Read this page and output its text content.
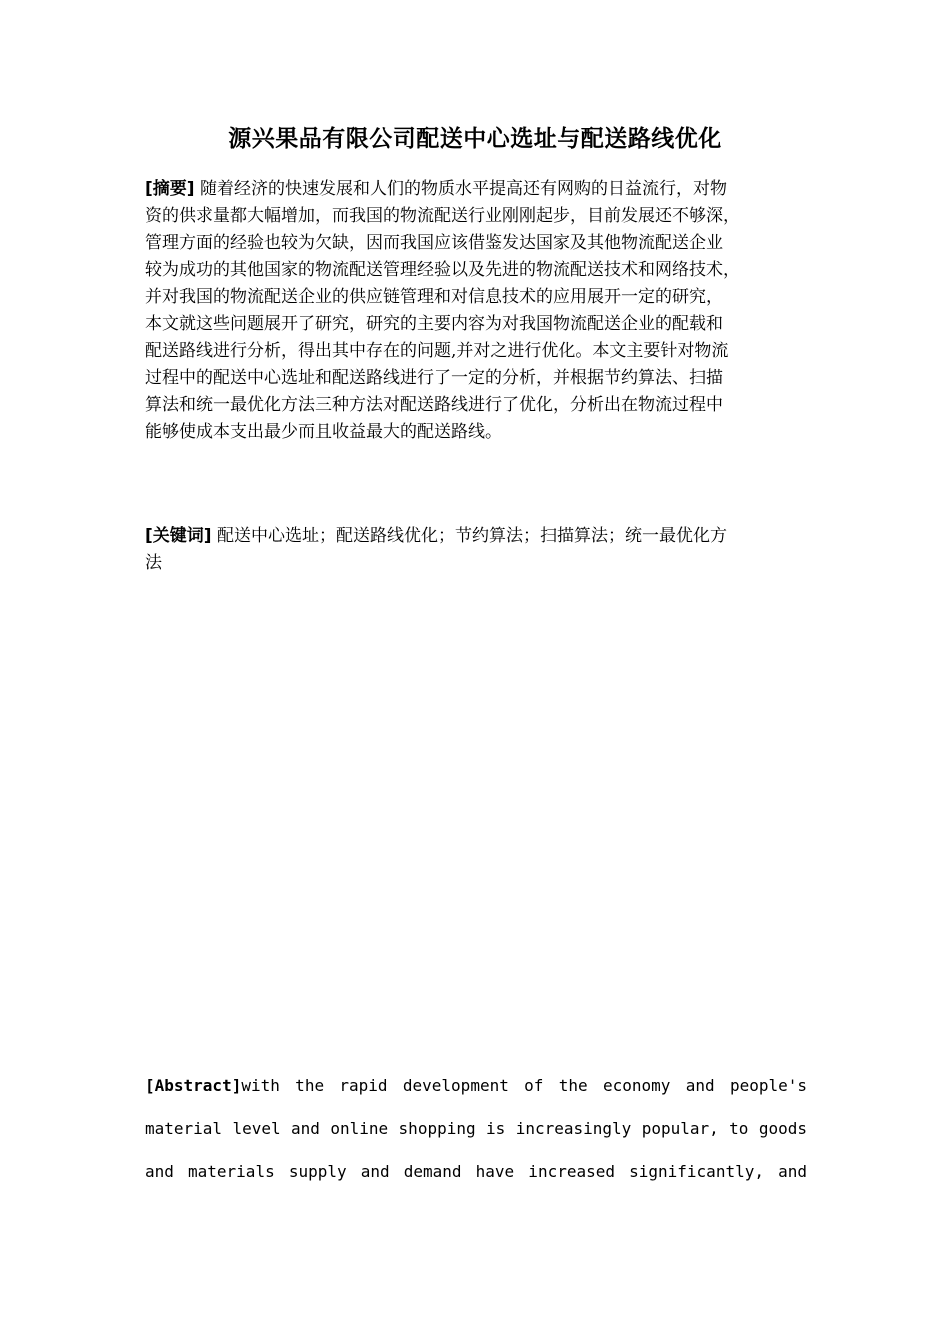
源兴果品有限公司配送中心选址与配送路线优化
[摘要] 随着经济的快速发展和人们的物质水平提高还有网购的日益流行，对物
资的供求量都大幅增加，而我国的物流配送行业刚刚起步，目前发展还不够深，
管理方面的经验也较为欠缺，因而我国应该借鉴发达国家及其他物流配送企业
较为成功的其他国家的物流配送管理经验以及先进的物流配送技术和网络技术，
并对我国的物流配送企业的供应链管理和对信息技术的应用展开一定的研究，
本文就这些问题展开了研究，研究的主要内容为对我国物流配送企业的配载和
配送路线进行分析，得出其中存在的问题,并对之进行优化。本文主要针对物流
过程中的配送中心选址和配送路线进行了一定的分析，并根据节约算法、扫描
算法和统一最优化方法三种方法对配送路线进行了优化，分析出在物流过程中
能够使成本支出最少而且收益最大的配送路线。
[关键词] 配送中心选址；配送路线优化；节约算法；扫描算法；统一最优化方
法
[Abstract]with the rapid development of the economy and people's
material level and online shopping is increasingly popular, to goods
and materials supply and demand have increased significantly, and
